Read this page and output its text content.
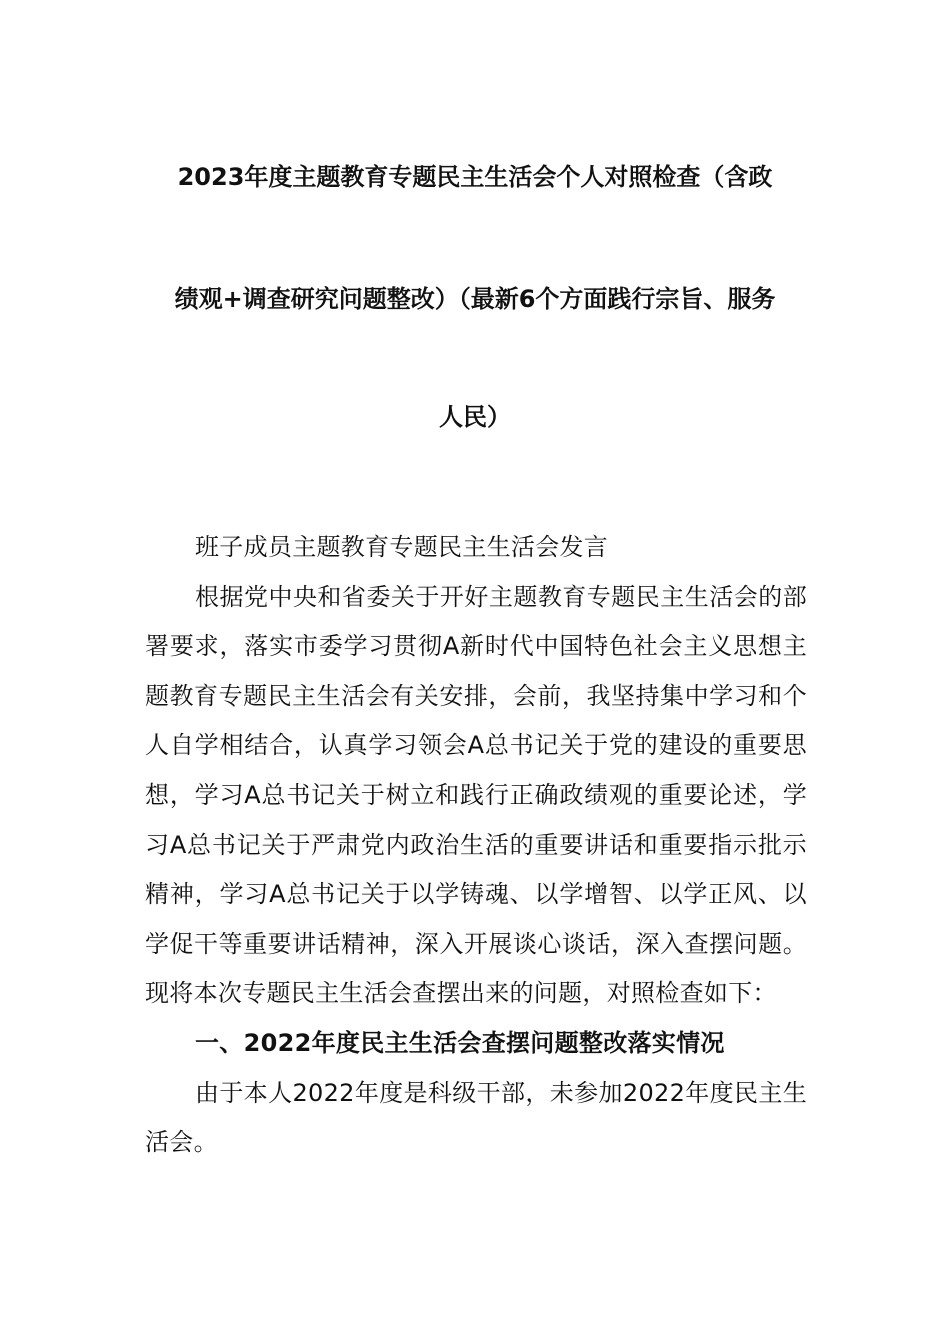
2023年度主题教育专题民主生活会个人对照检查（含政
绩观+调查研究问题整改）（最新6个方面践行宗旨、服务
人民）

班子成员主题教育专题民主生活会发言

根据党中央和省委关于开好主题教育专题民主生活会的部署要求，落实市委学习贯彻A新时代中国特色社会主义思想主题教育专题民主生活会有关安排，会前，我坚持集中学习和个人自学相结合，认真学习领会A总书记关于党的建设的重要思想，学习A总书记关于树立和践行正确政绩观的重要论述，学习A总书记关于严肃党内政治生活的重要讲话和重要指示批示精神，学习A总书记关于以学铸魂、以学增智、以学正风、以学促干等重要讲话精神，深入开展谈心谈话，深入查摆问题。现将本次专题民主生活会查摆出来的问题，对照检查如下：

一、2022年度民主生活会查摆问题整改落实情况

由于本人2022年度是科级干部，未参加2022年度民主生活会。
